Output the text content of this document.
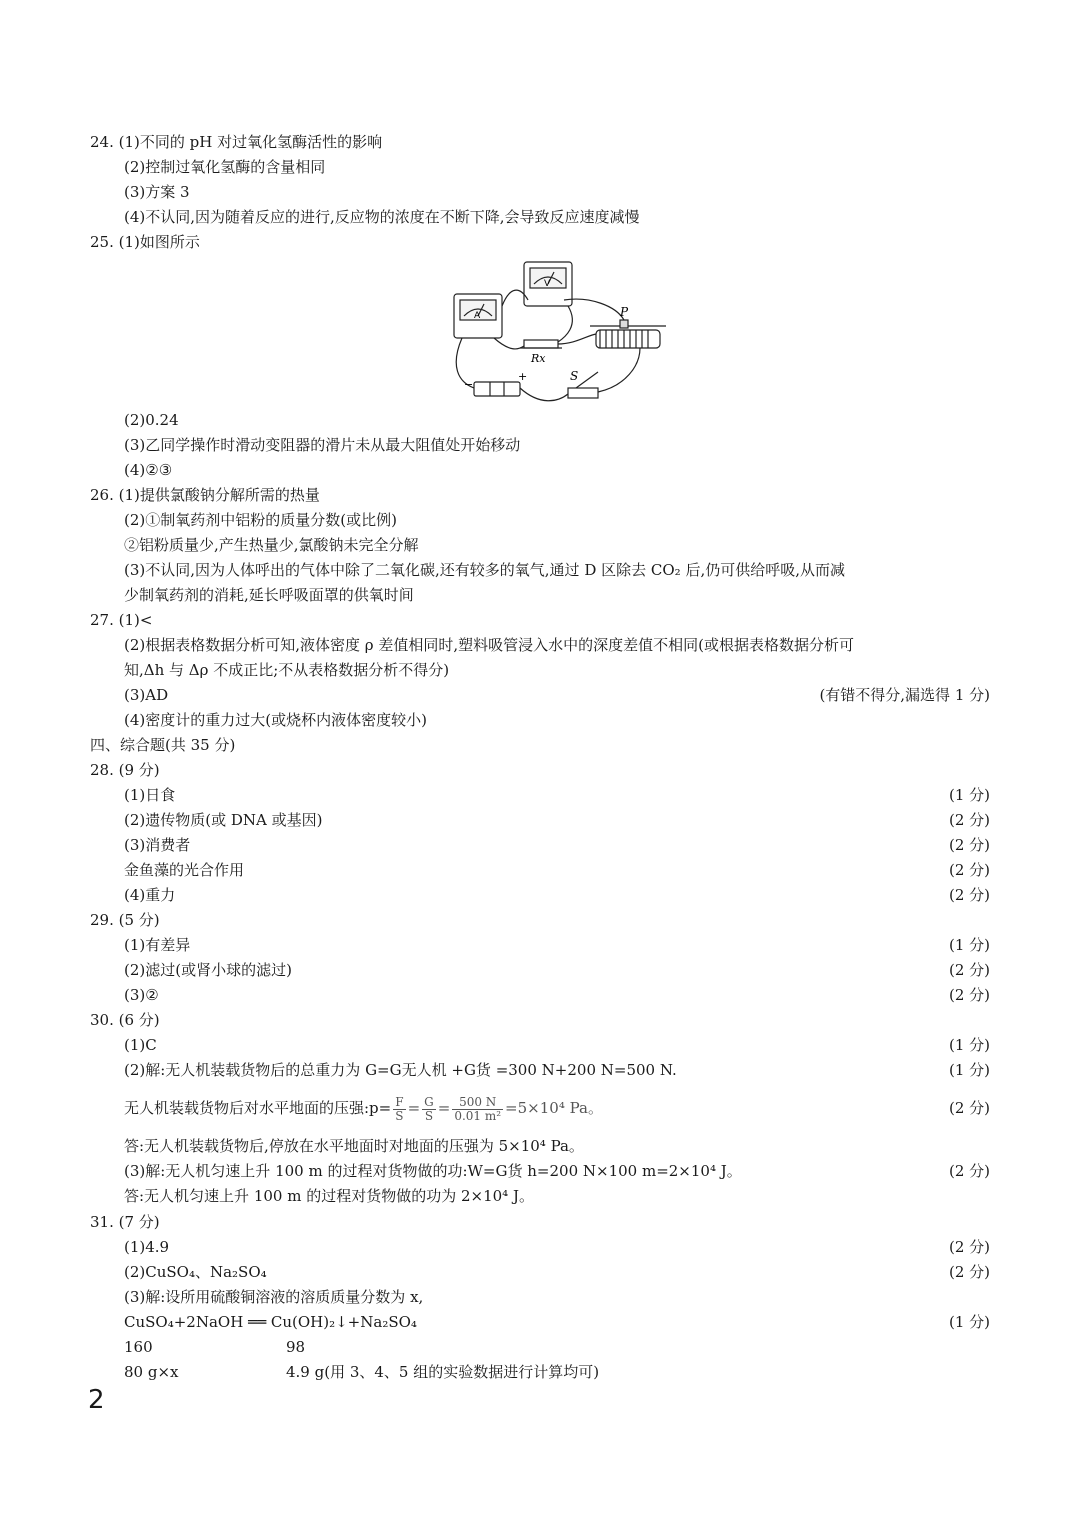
24. (1)不同的 pH 对过氧化氢酶活性的影响
(2)控制过氧化氢酶的含量相同
(3)方案 3
(4)不认同,因为随着反应的进行,反应物的浓度在不断下降,会导致反应速度减慢
25. (1)如图所示
Rx
P
S
A
V
−
+
(2)0.24
(3)乙同学操作时滑动变阻器的滑片未从最大阻值处开始移动
(4)②③
26. (1)提供氯酸钠分解所需的热量
(2)①制氧药剂中铝粉的质量分数(或比例)
②铝粉质量少,产生热量少,氯酸钠未完全分解
(3)不认同,因为人体呼出的气体中除了二氧化碳,还有较多的氧气,通过 D 区除去 CO₂ 后,仍可供给呼吸,从而减
少制氧药剂的消耗,延长呼吸面罩的供氧时间
27. (1)<
(2)根据表格数据分析可知,液体密度 ρ 差值相同时,塑料吸管浸入水中的深度差值不相同(或根据表格数据分析可
知,Δh 与 Δρ 不成正比;不从表格数据分析不得分)
(3)AD	(有错不得分,漏选得 1 分)
(4)密度计的重力过大(或烧杯内液体密度较小)
四、综合题(共 35 分)
28. (9 分)
(1)日食	(1 分)
(2)遗传物质(或 DNA 或基因)	(2 分)
(3)消费者	(2 分)
金鱼藻的光合作用	(2 分)
(4)重力	(2 分)
29. (5 分)
(1)有差异	(1 分)
(2)滤过(或肾小球的滤过)	(2 分)
(3)②	(2 分)
30. (6 分)
(1)C	(1 分)
(2)解:无人机装载货物后的总重力为 G=G无人机 +G货 =300 N+200 N=500 N.	(1 分)
无人机装载货物后对水平地面的压强:p= $\frac{F}{S} = \frac{G}{S} = \frac{500 N}{\text{0.01 m²}} =5\times 10^4$ Pa。	(2 分)
答:无人机装载货物后,停放在水平地面时对地面的压强为 5×10⁴ Pa。
(3)解:无人机匀速上升 100 m 的过程对货物做的功:W=G货 h=200 N×100 m=2×10⁴ J。	(2 分)
答:无人机匀速上升 100 m 的过程对货物做的功为 2×10⁴ J。
31. (7 分)
(1)4.9	(2 分)
(2)CuSO₄、Na₂SO₄	(2 分)
(3)解:设所用硫酸铜溶液的溶质质量分数为 x,
CuSO₄+2NaOH ══ Cu(OH)₂↓+Na₂SO₄	(1 分)
160	98
80 g×x	4.9 g(用 3、4、5 组的实验数据进行计算均可)
2
